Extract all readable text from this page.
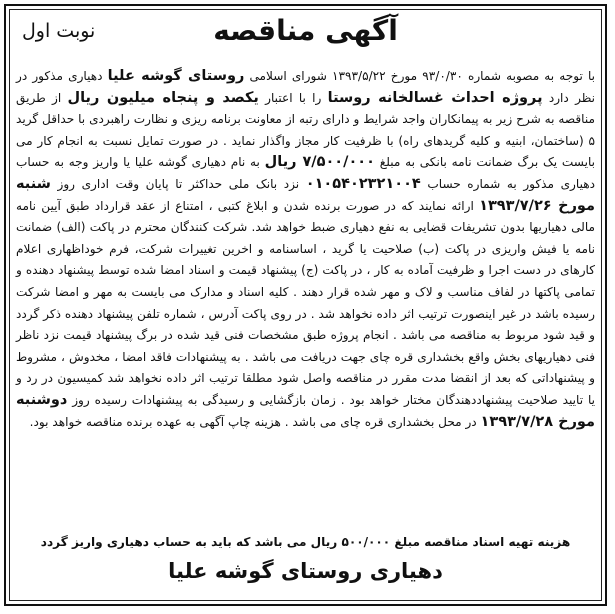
آگهی مناقصه
نوبت اول

با توجه به مصوبه شماره ۹۳/۰/۳۰ مورخ ۱۳۹۳/۵/۲۲ شورای اسلامی روستای گوشه علیا دهیاری مذکور در نظر دارد پروژه احداث غسالخانه روستا را با اعتبار یکصد و پنجاه میلیون ریال از طریق مناقصه به شرح زیر به پیمانکاران واجد شرایط و دارای رتبه از معاونت برنامه ریزی و نظارت راهبردی با حداقل گرید ۵ (ساختمان، ابنیه و کلیه گریدهای راه) با ظرفیت کار مجاز واگذار نماید . در صورت تمایل نسبت به انجام کار می بایست یک برگ ضمانت نامه بانکی به مبلغ ۷/۵۰۰/۰۰۰ ریال به نام دهیاری گوشه علیا یا واریز وجه به حساب دهیاری مذکور به شماره حساب ۰۱۰۵۴۰۲۳۲۱۰۰۴ نزد بانک ملی حداکثر تا پایان وقت اداری روز شنبه مورخ ۱۳۹۳/۷/۲۶ ارائه نمایند که در صورت برنده شدن و ابلاغ کتبی ، امتناع از عقد قرارداد طبق آیین نامه مالی دهیاریها بدون تشریفات قضایی به نفع دهیاری ضبط خواهد شد. شرکت کنندگان محترم در پاکت (الف) ضمانت نامه یا فیش واریزی در پاکت (ب) صلاحیت یا گرید ، اساسنامه و اخرین تغییرات شرکت، فرم خوداظهاری اعلام کارهای در دست اجرا و ظرفیت آماده به کار ، در پاکت (ج) پیشنهاد قیمت و اسناد امضا شده توسط پیشنهاد دهنده و تمامی پاکتها در لفاف مناسب و لاک و مهر شده قرار دهند . کلیه اسناد و مدارک می بایست به مهر و امضا شرکت رسیده باشد در غیر اینصورت ترتیب اثر داده نخواهد شد . در روی پاکت آدرس ، شماره تلفن پیشنهاد دهنده ذکر گردد و قید شود مربوط به مناقصه می باشد . انجام پروژه طبق مشخصات فنی قید شده در برگ پیشنهاد قیمت نزد ناظر فنی دهیاریهای بخش واقع بخشداری قره چای جهت دریافت می باشد . به پیشنهادات فاقد امضا ، مخدوش ، مشروط و پیشنهاداتی که بعد از انقضا مدت مقرر در مناقصه واصل شود مطلقا ترتیب اثر داده نخواهد شد کمیسیون در رد و یا تایید صلاحیت پیشنهاددهندگان مختار خواهد بود . زمان بازگشایی و رسیدگی به پیشنهادات رسیده روز دوشنبه مورخ ۱۳۹۳/۷/۲۸ در محل بخشداری قره چای می باشد . هزینه چاپ آگهی به عهده برنده مناقصه خواهد بود.

هزینه تهیه اسناد مناقصه مبلغ ۵۰۰/۰۰۰ ریال می باشد که باید به حساب دهیاری واریز گردد
دهیاری روستای گوشه علیا
